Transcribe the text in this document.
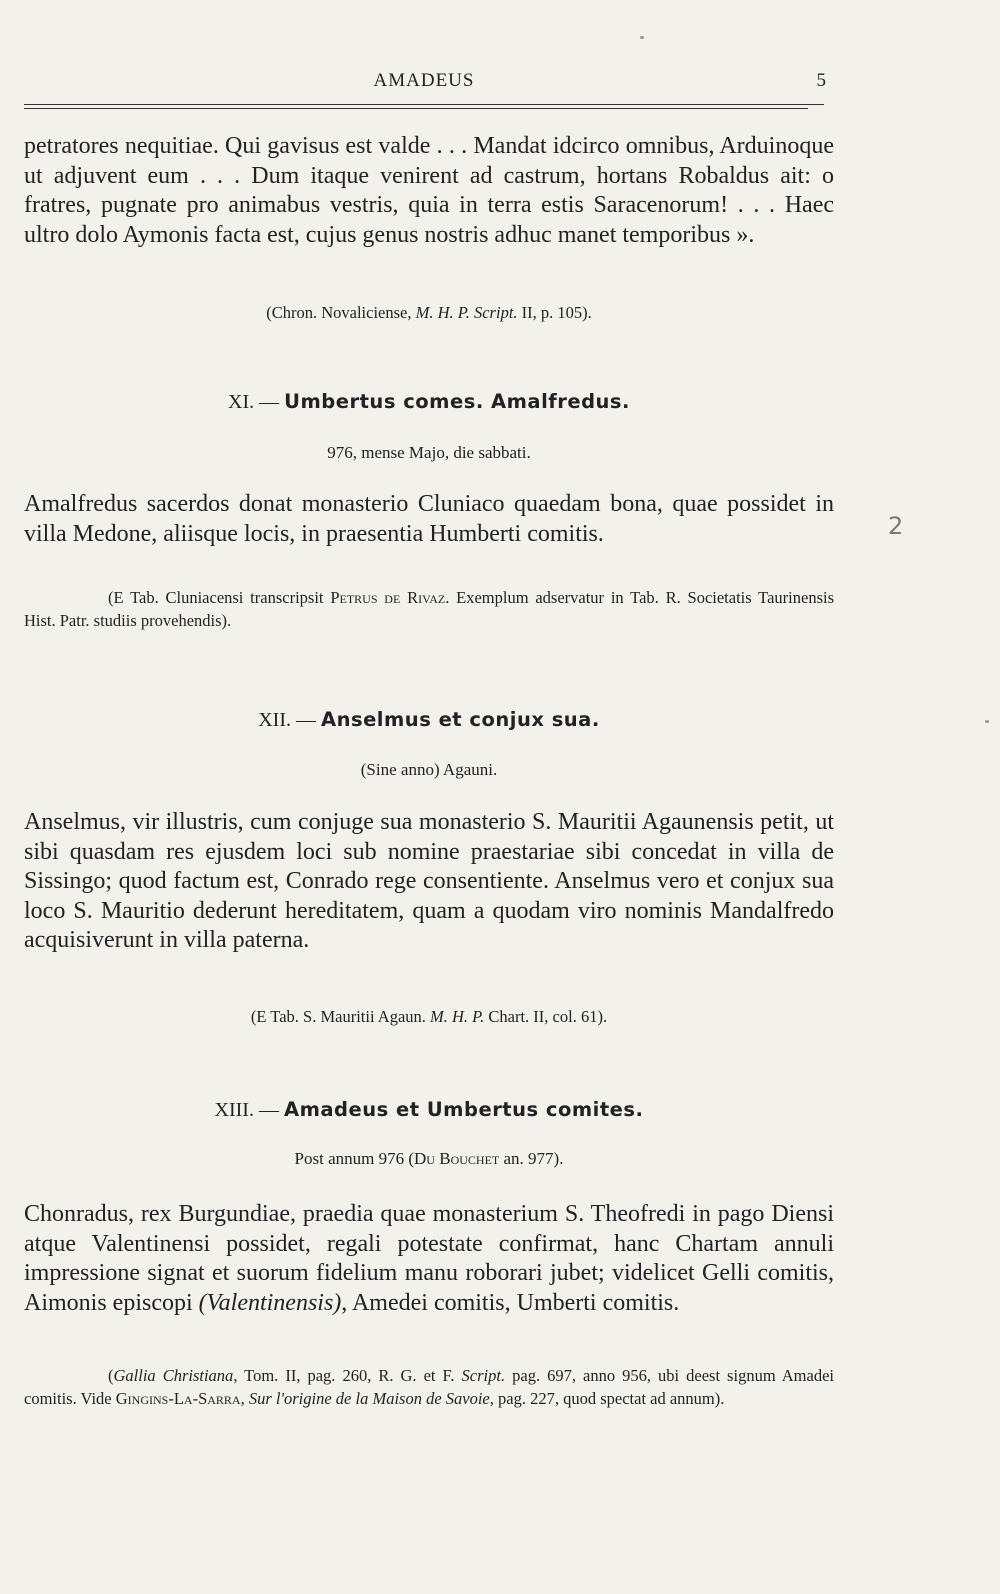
AMADEUS	5

petratores nequitiae. Qui gavisus est valde . . . Mandat idcirco omnibus, Arduinoque ut adjuvent eum . . . Dum itaque venirent ad castrum, hortans Robaldus ait: o fratres, pugnate pro animabus vestris, quia in terra estis Saracenorum! . . . Haec ultro dolo Aymonis facta est, cujus genus nostris adhuc manet temporibus ».

(Chron. Novaliciense, M. H. P. Script. II, p. 105).

XI. — Umbertus comes. Amalfredus.

976, mense Majo, die sabbati.

Amalfredus sacerdos donat monasterio Cluniaco quaedam bona, quae possidet in villa Medone, aliisque locis, in praesentia Humberti comitis.

(E Tab. Cluniacensi transcripsit Petrus de Rivaz. Exemplum adservatur in Tab. R. Societatis Taurinensis Hist. Patr. studiis provehendis).

XII. — Anselmus et conjux sua.

(Sine anno) Agauni.

Anselmus, vir illustris, cum conjuge sua monasterio S. Mauritii Agaunensis petit, ut sibi quasdam res ejusdem loci sub nomine praestariae sibi concedat in villa de Sissingo; quod factum est, Conrado rege consentiente. Anselmus vero et conjux sua loco S. Mauritio dederunt hereditatem, quam a quodam viro nominis Mandalfredo acquisiverunt in villa paterna.

(E Tab. S. Mauritii Agaun. M. H. P. Chart. II, col. 61).

XIII. — Amadeus et Umbertus comites.

Post annum 976 (Du Bouchet an. 977).

Chonradus, rex Burgundiae, praedia quae monasterium S. Theofredi in pago Diensi atque Valentinensi possidet, regali potestate confirmat, hanc Chartam annuli impressione signat et suorum fidelium manu roborari jubet; videlicet Gelli comitis, Aimonis episcopi (Valentinensis), Amedei comitis, Umberti comitis.

(Gallia Christiana, Tom. II, pag. 260, R. G. et F. Script. pag. 697, anno 956, ubi deest signum Amadei comitis. Vide Gingins-La-Sarra, Sur l'origine de la Maison de Savoie, pag. 227, quod spectat ad annum).

2
